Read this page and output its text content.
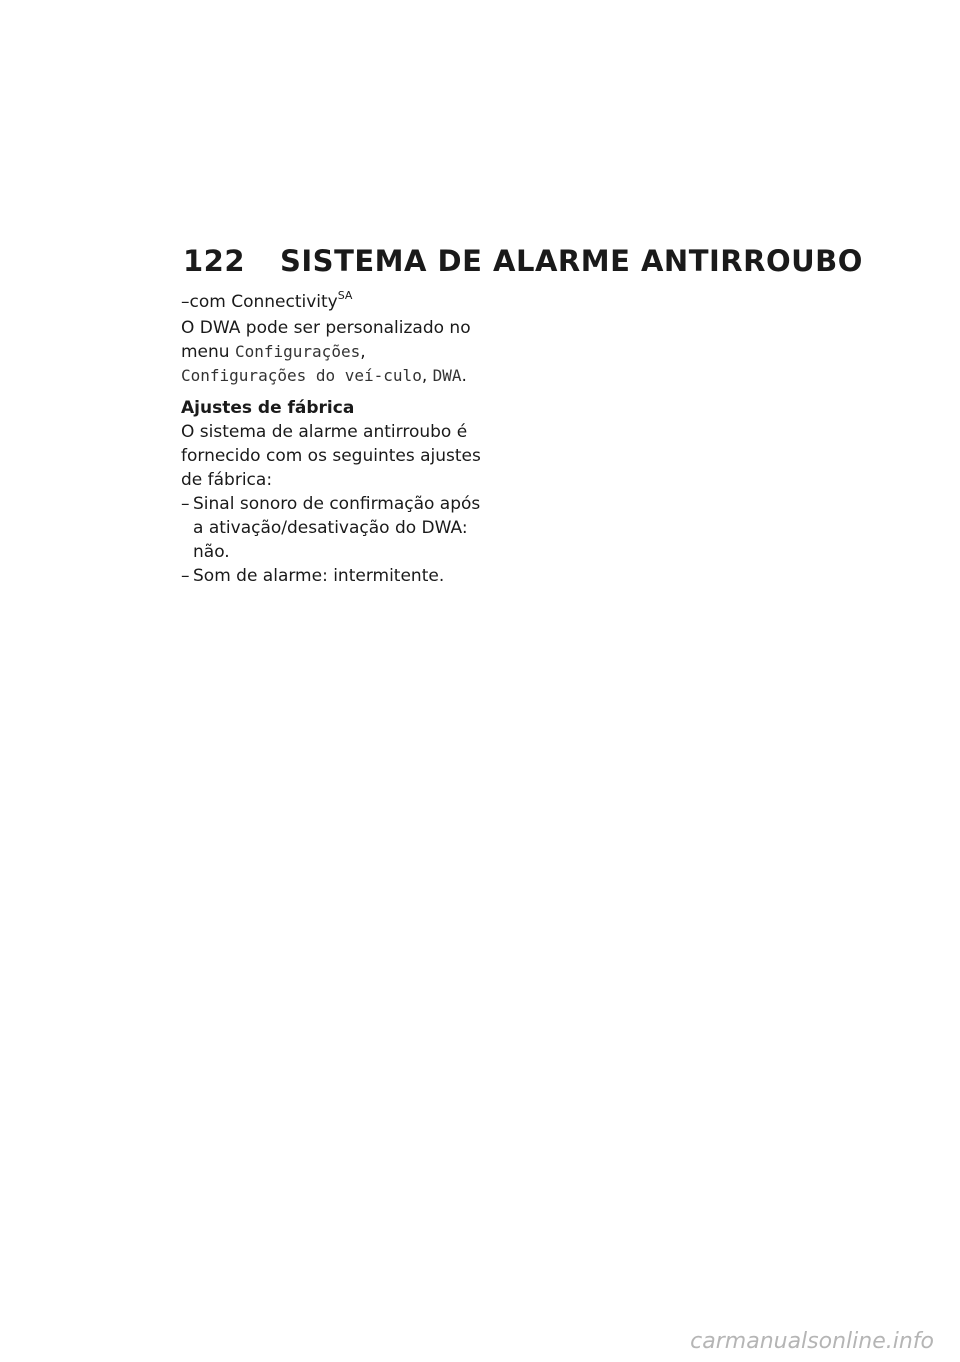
122 SISTEMA DE ALARME ANTIRROUBO
–com Connectivity$^{SA}$

O DWA pode ser personalizado no menu Configurações, Configurações do veí-culo, DWA.

Ajustes de fábrica

O sistema de alarme antirroubo é fornecido com os seguintes ajustes de fábrica:

– Sinal sonoro de confirmação após a ativação/desativação do DWA: não.
– Som de alarme: intermitente.
carmanualsonline.info
